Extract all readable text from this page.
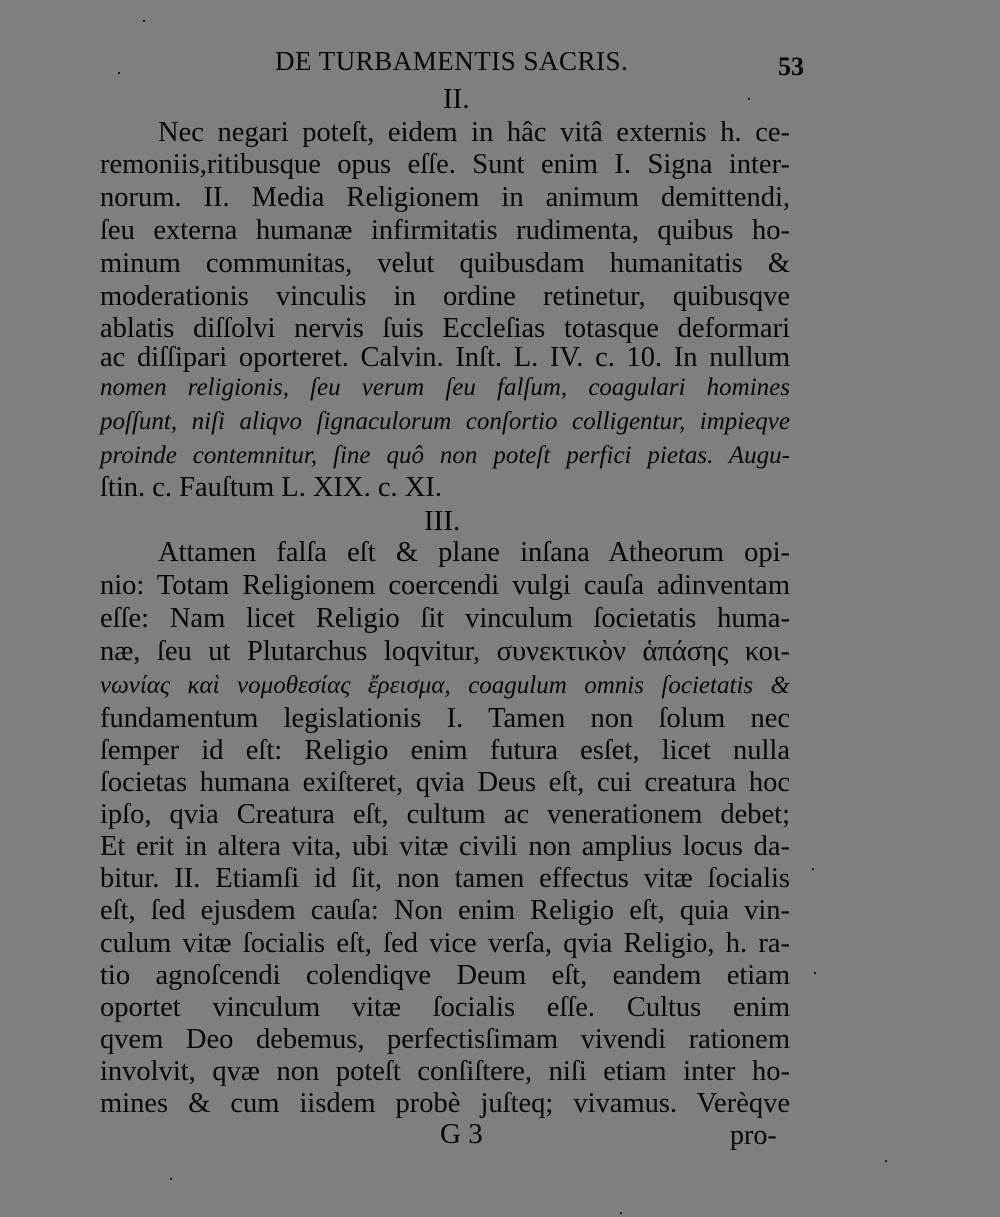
DE TURBAMENTIS SACRIS.	53
II.
Nec negari poteſt, eidem in hâc vitâ externis h. ce-
remoniis,ritibusque opus eſſe. Sunt enim I. Signa inter-
norum. II. Media Religionem in animum demittendi,
ſeu externa humanæ infirmitatis rudimenta, quibus ho-
minum communitas, velut quibusdam humanitatis &
moderationis vinculis in ordine retinetur, quibusqve
ablatis diſſolvi nervis ſuis Eccleſias totasque deformari
ac diſſipari oporteret. Calvin. Inſt. L. IV. c. 10. In nullum
nomen religionis, ſeu verum ſeu falſum, coagulari homines
poſſunt, niſi aliqvo ſignaculorum conſortio colligentur, impieqve
proinde contemnitur, ſine quô non poteſt perfici pietas. Augu-
ſtin. c. Fauſtum L. XIX. c. XI.
III.
Attamen falſa eſt & plane inſana Atheorum opi-
nio: Totam Religionem coercendi vulgi cauſa adinventam
eſſe: Nam licet Religio ſit vinculum ſocietatis huma-
næ, ſeu ut Plutarchus loqvitur, συνεκτικὸν ἁπάσης κοι-
νωνίας καὶ νομοθεσίας ἔρεισμα, coagulum omnis ſocietatis &
fundamentum legislationis I. Tamen non ſolum nec
ſemper id eſt: Religio enim futura esſet, licet nulla
ſocietas humana exiſteret, qvia Deus eſt, cui creatura hoc
ipſo, qvia Creatura eſt, cultum ac venerationem debet;
Et erit in altera vita, ubi vitæ civili non amplius locus da-
bitur. II. Etiamſi id ſit, non tamen effectus vitæ ſocialis
eſt, ſed ejusdem cauſa: Non enim Religio eſt, quia vin-
culum vitæ ſocialis eſt, ſed vice verſa, qvia Religio, h. ra-
tio agnoſcendi colendiqve Deum eſt, eandem etiam
oportet vinculum vitæ ſocialis eſſe. Cultus enim
qvem Deo debemus, perfectisſimam vivendi rationem
involvit, qvæ non poteſt conſiſtere, niſi etiam inter ho-
mines & cum iisdem probè juſteq; vivamus. Verèqve
G 3	pro-
